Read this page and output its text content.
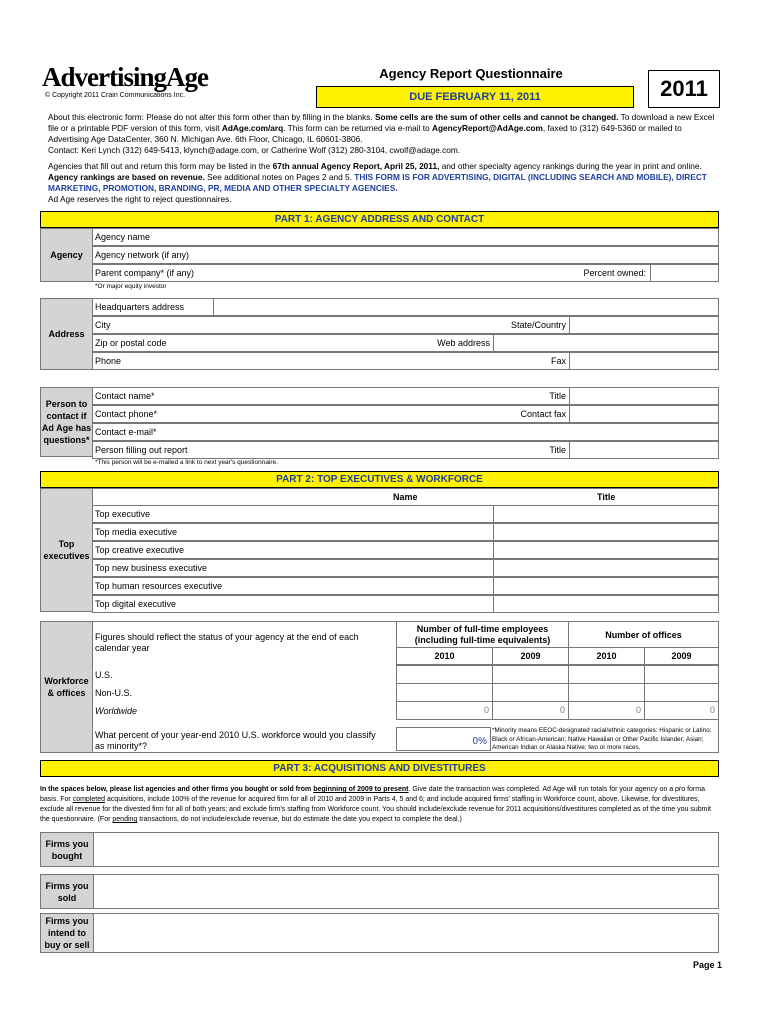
AdvertisingAge
© Copyright 2011 Crain Communications Inc.
Agency Report Questionnaire
DUE FEBRUARY 11, 2011	2011
About this electronic form: Please do not alter this form other than by filling in the blanks. Some cells are the sum of other cells and cannot be changed. To download a new Excel file or a printable PDF version of this form, visit AdAge.com/arq. This form can be returned via e-mail to AgencyReport@AdAge.com, faxed to (312) 649-5360 or mailed to Advertising Age DataCenter, 360 N. Michigan Ave. 6th Floor, Chicago, IL 60601-3806.
Contact: Keri Lynch (312) 649-5413, klynch@adage.com, or Catherine Wolf (312) 280-3104, cwolf@adage.com.
Agencies that fill out and return this form may be listed in the 67th annual Agency Report, April 25, 2011, and other specialty agency rankings during the year in print and online. Agency rankings are based on revenue. See additional notes on Pages 2 and 5. THIS FORM IS FOR ADVERTISING, DIGITAL (INCLUDING SEARCH AND MOBILE), DIRECT MARKETING, PROMOTION, BRANDING, PR, MEDIA AND OTHER SPECIALTY AGENCIES.
Ad Age reserves the right to reject questionnaires.
PART 1: AGENCY ADDRESS AND CONTACT
Agency
Agency name
Agency network (if any)
Parent company* (if any)	Percent owned:
*Or major equity investor
Address
Headquarters address
City	State/Country
Zip or postal code	Web address
Phone	Fax
Person to contact if Ad Age has questions*
Contact name*	Title
Contact phone*	Contact fax
Contact e-mail*
Person filling out report	Title
*This person will be e-mailed a link to next year's questionnaire.
PART 2: TOP EXECUTIVES & WORKFORCE
Name	Title
Top executives
Top executive
Top media executive
Top creative executive
Top new business executive
Top human resources executive
Top digital executive
Workforce & offices
Figures should reflect the status of your agency at the end of each calendar year
Number of full-time employees (including full-time equivalents)	Number of offices
2010	2009	2010	2009
U.S.
Non-U.S.
Worldwide	0	0	0	0
What percent of your year-end 2010 U.S. workforce would you classify as minority*?	0%
*Minority means EEOC-designated racial/ethnic categories: Hispanic or Latino; Black or African-American; Native Hawaiian or Other Pacific Islander; Asian; American Indian or Alaska Native; two or more races.
PART 3: ACQUISITIONS AND DIVESTITURES
In the spaces below, please list agencies and other firms you bought or sold from beginning of 2009 to present. Give date the transaction was completed. Ad Age will run totals for your agency on a pro forma basis. For completed acquisitions, include 100% of the revenue for acquired firm for all of 2010 and 2009 in Parts 4, 5 and 6; and include acquired firms' staffing in Workforce count, above. Likewise, for divestitures, exclude all revenue for the divested firm for all of both years; and exclude firm's staffing from Workforce count. You should include/exclude revenue for 2011 acquisitions/divestitures completed as of the time you submit the questionnaire. (For pending transactions, do not include/exclude revenue, but do estimate the date you expect to complete the deal.)
Firms you bought
Firms you sold
Firms you intend to buy or sell
Page 1
